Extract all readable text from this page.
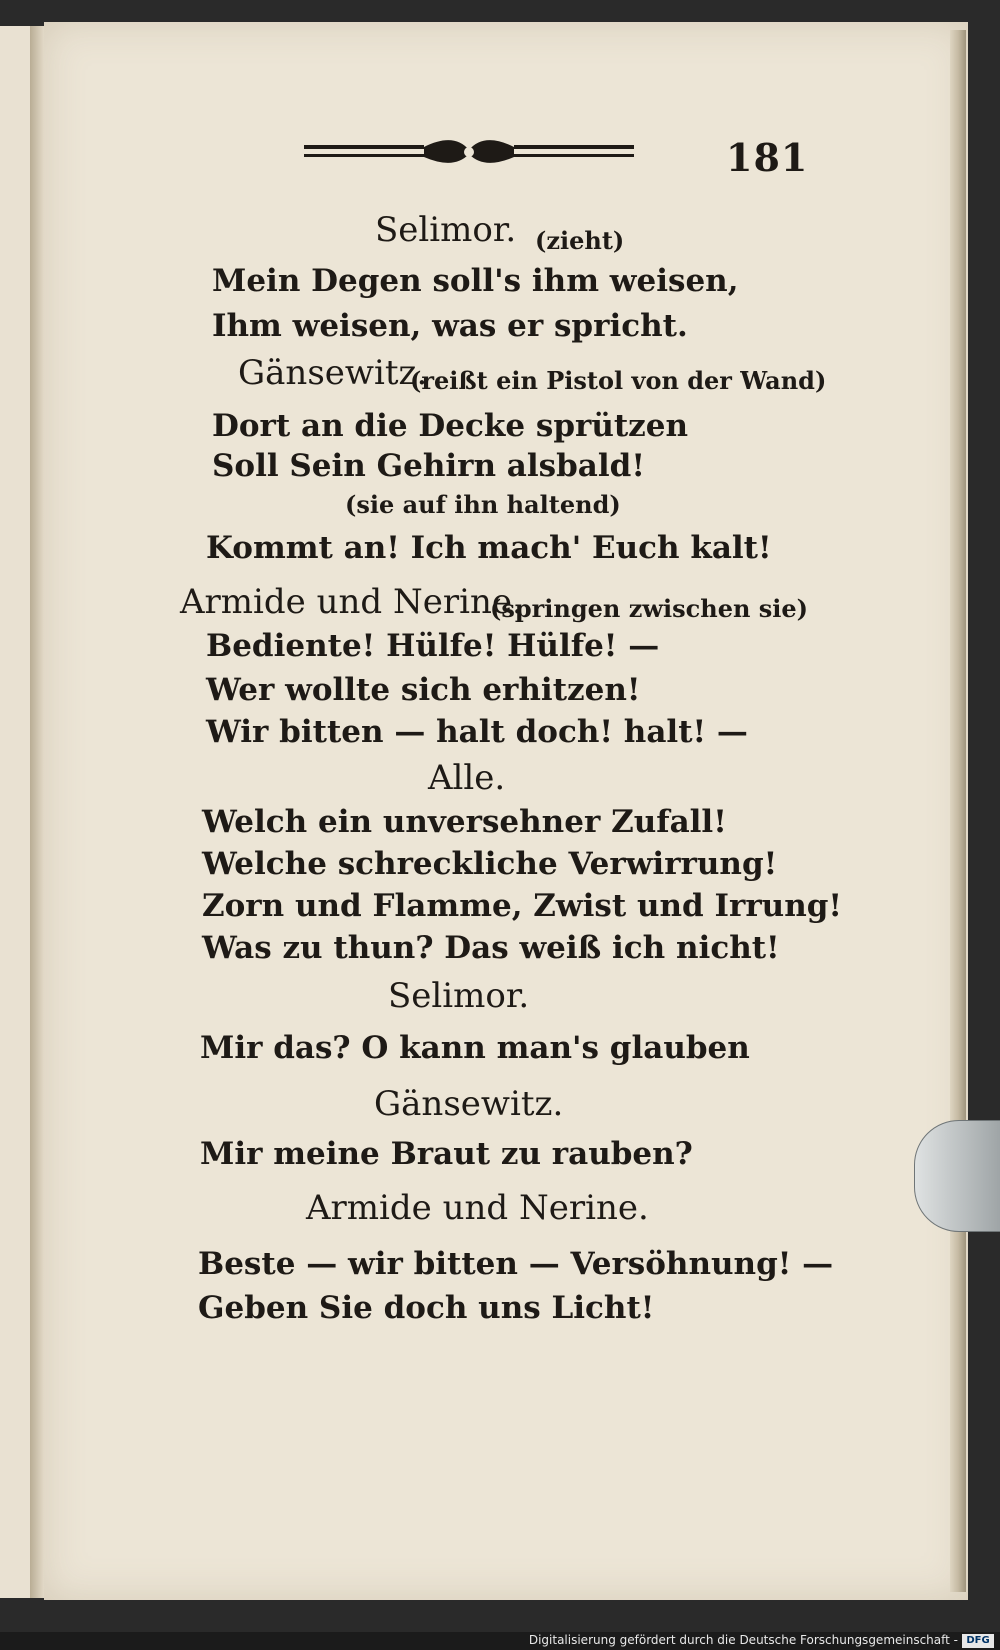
181
Selimor. (zieht)
Mein Degen soll's ihm weisen,
Ihm weisen, was er spricht.
Gänsewitz.
(reißt ein Pistol von der Wand)
Dort an die Decke sprützen
Soll Sein Gehirn alsbald!
(sie auf ihn haltend)
Kommt an! Ich mach' Euch kalt!
Armide und Nerine.
(springen zwischen sie)
Bediente! Hülfe! Hülfe! —
Wer wollte sich erhitzen!
Wir bitten — halt doch! halt! —
Alle.
Welch ein unversehner Zufall!
Welche schreckliche Verwirrung!
Zorn und Flamme, Zwist und Irrung!
Was zu thun? Das weiß ich nicht!
Selimor.
Mir das? O kann man's glauben
Gänsewitz.
Mir meine Braut zu rauben?
Armide und Nerine.
Beste — wir bitten — Versöhnung! —
Geben Sie doch uns Licht!
Digitalisierung gefördert durch die Deutsche Forschungsgemeinschaft - DFG
